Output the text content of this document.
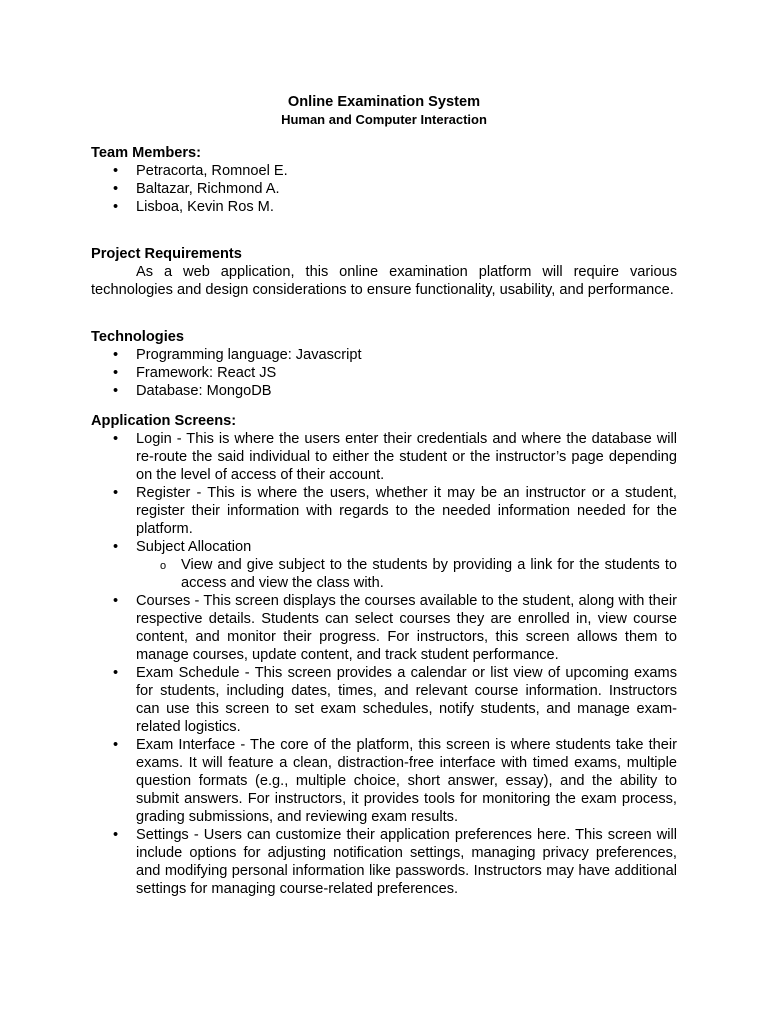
Online Examination System

Human and Computer Interaction

Team Members:

• Petracorta, Romnoel E.
• Baltazar, Richmond A.
• Lisboa, Kevin Ros M.

Project Requirements

As a web application, this online examination platform will require various technologies and design considerations to ensure functionality, usability, and performance.

Technologies

• Programming language: Javascript
• Framework: React JS
• Database: MongoDB

Application Screens:

• Login - This is where the users enter their credentials and where the database will re-route the said individual to either the student or the instructor’s page depending on the level of access of their account.
• Register - This is where the users, whether it may be an instructor or a student, register their information with regards to the needed information needed for the platform.
• Subject Allocation
o View and give subject to the students by providing a link for the students to access and view the class with.
• Courses - This screen displays the courses available to the student, along with their respective details. Students can select courses they are enrolled in, view course content, and monitor their progress. For instructors, this screen allows them to manage courses, update content, and track student performance.
• Exam Schedule - This screen provides a calendar or list view of upcoming exams for students, including dates, times, and relevant course information. Instructors can use this screen to set exam schedules, notify students, and manage exam-related logistics.
• Exam Interface - The core of the platform, this screen is where students take their exams. It will feature a clean, distraction-free interface with timed exams, multiple question formats (e.g., multiple choice, short answer, essay), and the ability to submit answers. For instructors, it provides tools for monitoring the exam process, grading submissions, and reviewing exam results.
• Settings - Users can customize their application preferences here. This screen will include options for adjusting notification settings, managing privacy preferences, and modifying personal information like passwords. Instructors may have additional settings for managing course-related preferences.
